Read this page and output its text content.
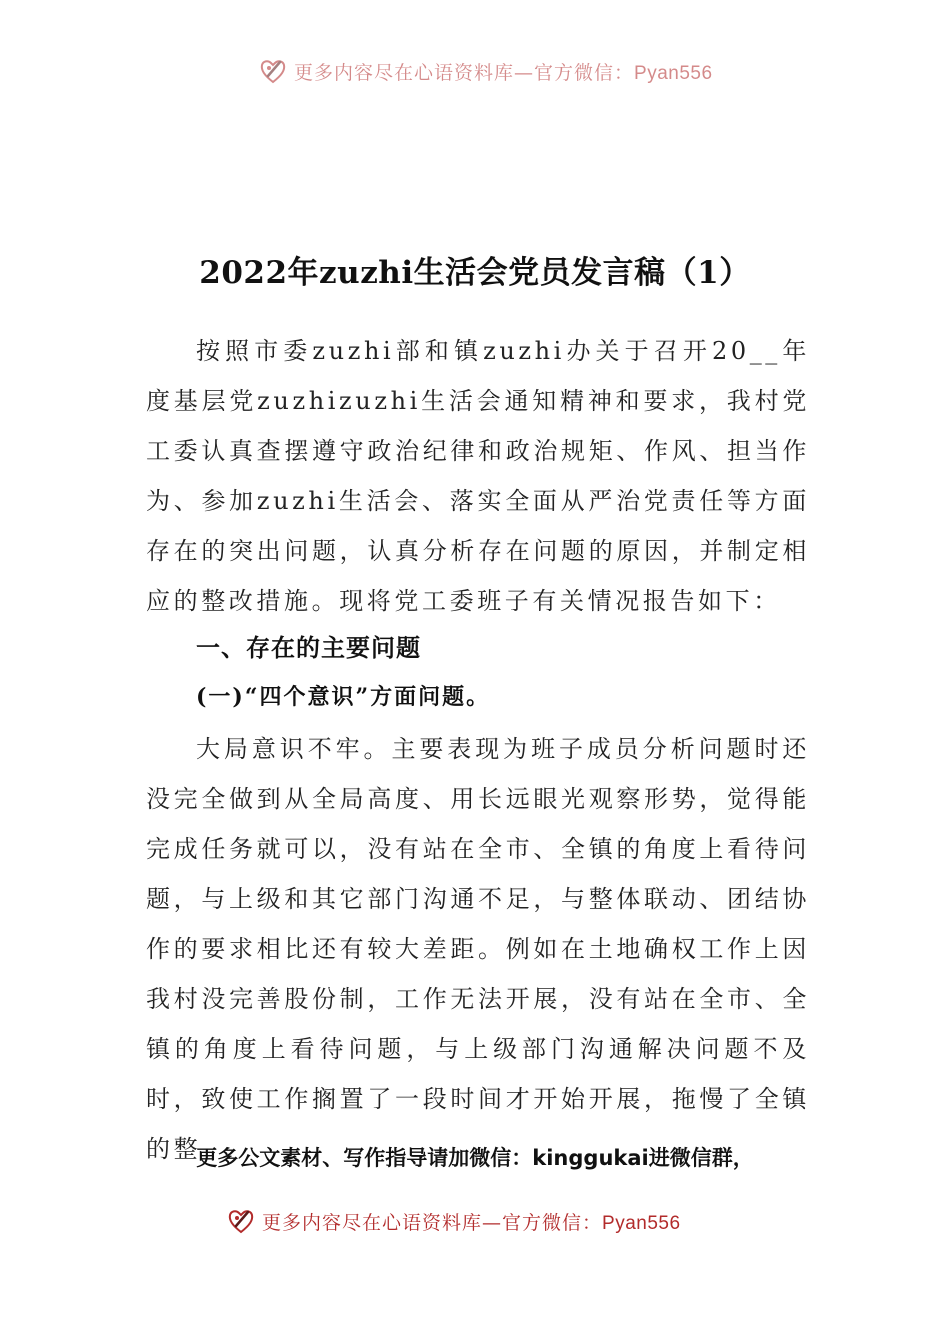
更多内容尽在心语资料库—官方微信：Pyan556
2022年zuzhi生活会党员发言稿（1）

按照市委zuzhi部和镇zuzhi办关于召开20__年度基层党zuzhizuzhi生活会通知精神和要求，我村党工委认真查摆遵守政治纪律和政治规矩、作风、担当作为、参加zuzhi生活会、落实全面从严治党责任等方面存在的突出问题，认真分析存在问题的原因，并制定相应的整改措施。现将党工委班子有关情况报告如下：

一、存在的主要问题
(一)“四个意识”方面问题。

大局意识不牢。主要表现为班子成员分析问题时还没完全做到从全局高度、用长远眼光观察形势，觉得能完成任务就可以，没有站在全市、全镇的角度上看待问题，与上级和其它部门沟通不足，与整体联动、团结协作的要求相比还有较大差距。例如在土地确权工作上因我村没完善股份制，工作无法开展，没有站在全市、全镇的角度上看待问题，与上级部门沟通解决问题不及时，致使工作搁置了一段时间才开始开展，拖慢了全镇的整

更多公文素材、写作指导请加微信：kinggukai进微信群，

更多内容尽在心语资料库—官方微信：Pyan556
